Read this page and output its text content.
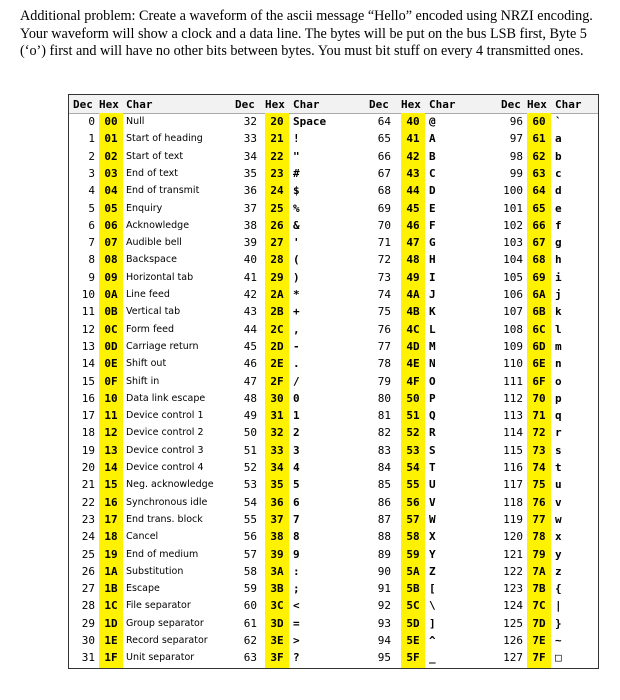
Additional problem: Create a waveform of the ascii message “Hello” encoded using NRZI encoding. Your waveform will show a clock and a data line. The bytes will be put on the bus LSB first, Byte 5 (‘o’) first and will have no other bits between bytes. You must bit stuff on every 4 transmitted ones.
Dec Hex Char	Dec Hex Char	Dec Hex Char	Dec Hex Char
0 00 Null	32	20 Space	64	40 @	96 60 `
1 01 Start of heading	33	21 !	65	41 A	97 61 a
2 02 Start of text	34	22 "	66	42 B	98 62 b
3 03 End of text	35	23 #	67	43 C	99 63 c
4 04 End of transmit	36	24 $	68	44 D	100 64 d
5 05 Enquiry	37	25 %	69	45 E	101 65 e
6 06 Acknowledge	38	26 &	70	46 F	102 66 f
7 07 Audible bell	39	27 '	71	47 G	103 67 g
8 08 Backspace	40	28 (	72	48 H	104 68 h
9 09 Horizontal tab	41	29 )	73	49 I	105 69 i
10 0A Line feed	42	2A *	74	4A J	106 6A j
11 0B Vertical tab	43	2B +	75	4B K	107 6B k
12 0C Form feed	44	2C ,	76	4C L	108 6C l
13 0D Carriage return	45	2D -	77	4D M	109 6D m
14 0E Shift out	46	2E .	78	4E N	110 6E n
15 0F Shift in	47	2F /	79	4F O	111 6F o
16 10 Data link escape	48	30 0	80	50 P	112 70 p
17 11 Device control 1	49	31 1	81	51 Q	113 71 q
18 12 Device control 2	50	32 2	82	52 R	114 72 r
19 13 Device control 3	51	33 3	83	53 S	115 73 s
20 14 Device control 4	52	34 4	84	54 T	116 74 t
21 15 Neg. acknowledge	53	35 5	85	55 U	117 75 u
22 16 Synchronous idle	54	36 6	86	56 V	118 76 v
23 17 End trans. block	55	37 7	87	57 W	119 77 w
24 18 Cancel	56	38 8	88	58 X	120 78 x
25 19 End of medium	57	39 9	89	59 Y	121 79 y
26 1A Substitution	58	3A :	90	5A Z	122 7A z
27 1B Escape	59	3B ;	91	5B [	123 7B {
28 1C File separator	60	3C <	92	5C \	124 7C |
29 1D Group separator	61	3D =	93	5D ]	125 7D }
30 1E Record separator	62	3E >	94	5E ^	126 7E ~
31 1F Unit separator	63	3F ?	95	5F _	127 7F □
